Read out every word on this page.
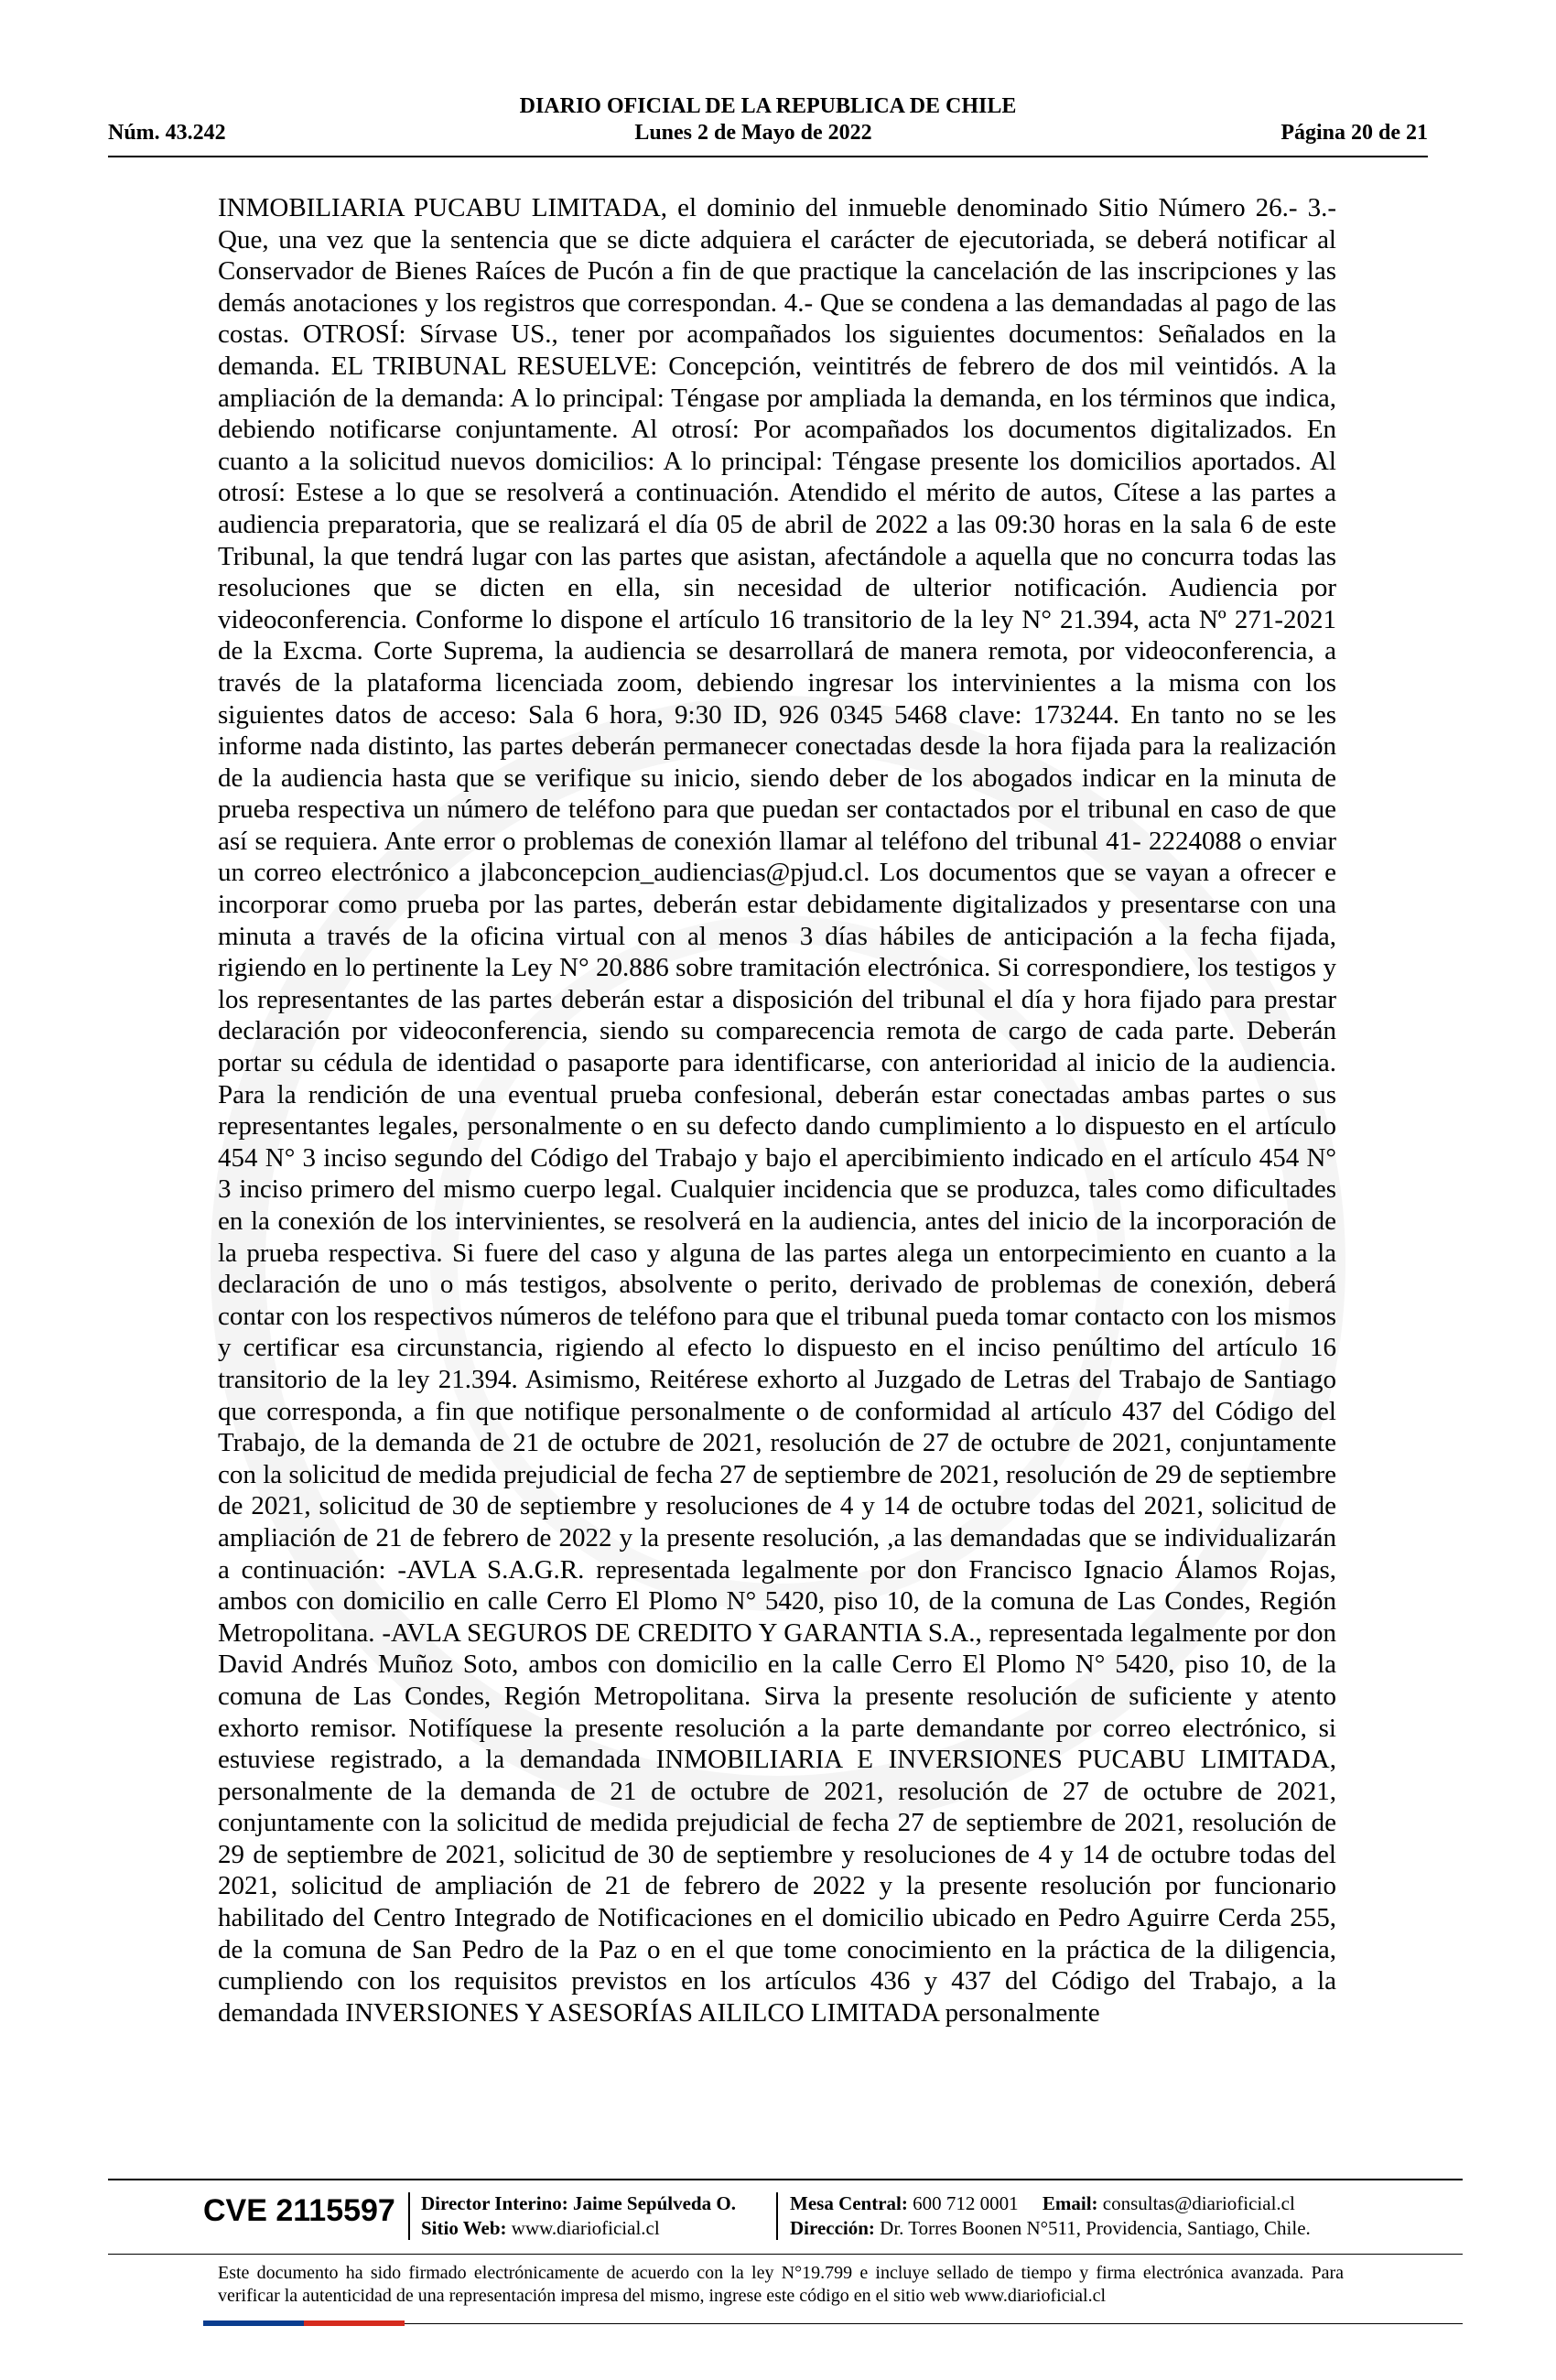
DIARIO OFICIAL DE LA REPUBLICA DE CHILE
Núm. 43.242	Lunes 2 de Mayo de 2022	Página 20 de 21
INMOBILIARIA PUCABU LIMITADA, el dominio del inmueble denominado Sitio Número 26.- 3.- Que, una vez que la sentencia que se dicte adquiera el carácter de ejecutoriada, se deberá notificar al Conservador de Bienes Raíces de Pucón a fin de que practique la cancelación de las inscripciones y las demás anotaciones y los registros que correspondan. 4.- Que se condena a las demandadas al pago de las costas. OTROSÍ: Sírvase US., tener por acompañados los siguientes documentos: Señalados en la demanda. EL TRIBUNAL RESUELVE: Concepción, veintitrés de febrero de dos mil veintidós. A la ampliación de la demanda: A lo principal: Téngase por ampliada la demanda, en los términos que indica, debiendo notificarse conjuntamente. Al otrosí: Por acompañados los documentos digitalizados. En cuanto a la solicitud nuevos domicilios: A lo principal: Téngase presente los domicilios aportados. Al otrosí: Estese a lo que se resolverá a continuación. Atendido el mérito de autos, Cítese a las partes a audiencia preparatoria, que se realizará el día 05 de abril de 2022 a las 09:30 horas en la sala 6 de este Tribunal, la que tendrá lugar con las partes que asistan, afectándole a aquella que no concurra todas las resoluciones que se dicten en ella, sin necesidad de ulterior notificación. Audiencia por videoconferencia. Conforme lo dispone el artículo 16 transitorio de la ley N° 21.394, acta Nº 271-2021 de la Excma. Corte Suprema, la audiencia se desarrollará de manera remota, por videoconferencia, a través de la plataforma licenciada zoom, debiendo ingresar los intervinientes a la misma con los siguientes datos de acceso: Sala 6 hora, 9:30 ID, 926 0345 5468 clave: 173244. En tanto no se les informe nada distinto, las partes deberán permanecer conectadas desde la hora fijada para la realización de la audiencia hasta que se verifique su inicio, siendo deber de los abogados indicar en la minuta de prueba respectiva un número de teléfono para que puedan ser contactados por el tribunal en caso de que así se requiera. Ante error o problemas de conexión llamar al teléfono del tribunal 41- 2224088 o enviar un correo electrónico a jlabconcepcion_audiencias@pjud.cl. Los documentos que se vayan a ofrecer e incorporar como prueba por las partes, deberán estar debidamente digitalizados y presentarse con una minuta a través de la oficina virtual con al menos 3 días hábiles de anticipación a la fecha fijada, rigiendo en lo pertinente la Ley N° 20.886 sobre tramitación electrónica. Si correspondiere, los testigos y los representantes de las partes deberán estar a disposición del tribunal el día y hora fijado para prestar declaración por videoconferencia, siendo su comparecencia remota de cargo de cada parte. Deberán portar su cédula de identidad o pasaporte para identificarse, con anterioridad al inicio de la audiencia. Para la rendición de una eventual prueba confesional, deberán estar conectadas ambas partes o sus representantes legales, personalmente o en su defecto dando cumplimiento a lo dispuesto en el artículo 454 N° 3 inciso segundo del Código del Trabajo y bajo el apercibimiento indicado en el artículo 454 N° 3 inciso primero del mismo cuerpo legal. Cualquier incidencia que se produzca, tales como dificultades en la conexión de los intervinientes, se resolverá en la audiencia, antes del inicio de la incorporación de la prueba respectiva. Si fuere del caso y alguna de las partes alega un entorpecimiento en cuanto a la declaración de uno o más testigos, absolvente o perito, derivado de problemas de conexión, deberá contar con los respectivos números de teléfono para que el tribunal pueda tomar contacto con los mismos y certificar esa circunstancia, rigiendo al efecto lo dispuesto en el inciso penúltimo del artículo 16 transitorio de la ley 21.394. Asimismo, Reitérese exhorto al Juzgado de Letras del Trabajo de Santiago que corresponda, a fin que notifique personalmente o de conformidad al artículo 437 del Código del Trabajo, de la demanda de 21 de octubre de 2021, resolución de 27 de octubre de 2021, conjuntamente con la solicitud de medida prejudicial de fecha 27 de septiembre de 2021, resolución de 29 de septiembre de 2021, solicitud de 30 de septiembre y resoluciones de 4 y 14 de octubre todas del 2021, solicitud de ampliación de 21 de febrero de 2022 y la presente resolución, ,a las demandadas que se individualizarán a continuación: -AVLA S.A.G.R. representada legalmente por don Francisco Ignacio Álamos Rojas, ambos con domicilio en calle Cerro El Plomo N° 5420, piso 10, de la comuna de Las Condes, Región Metropolitana. -AVLA SEGUROS DE CREDITO Y GARANTIA S.A., representada legalmente por don David Andrés Muñoz Soto, ambos con domicilio en la calle Cerro El Plomo N° 5420, piso 10, de la comuna de Las Condes, Región Metropolitana. Sirva la presente resolución de suficiente y atento exhorto remisor. Notifíquese la presente resolución a la parte demandante por correo electrónico, si estuviese registrado, a la demandada INMOBILIARIA E INVERSIONES PUCABU LIMITADA, personalmente de la demanda de 21 de octubre de 2021, resolución de 27 de octubre de 2021, conjuntamente con la solicitud de medida prejudicial de fecha 27 de septiembre de 2021, resolución de 29 de septiembre de 2021, solicitud de 30 de septiembre y resoluciones de 4 y 14 de octubre todas del 2021, solicitud de ampliación de 21 de febrero de 2022 y la presente resolución por funcionario habilitado del Centro Integrado de Notificaciones en el domicilio ubicado en Pedro Aguirre Cerda 255, de la comuna de San Pedro de la Paz o en el que tome conocimiento en la práctica de la diligencia, cumpliendo con los requisitos previstos en los artículos 436 y 437 del Código del Trabajo, a la demandada INVERSIONES Y ASESORÍAS AILILCO LIMITADA personalmente
CVE 2115597 Director Interino: Jaime Sepúlveda O.
Sitio Web: www.diarioficial.cl
Mesa Central: 600 712 0001 Email: consultas@diarioficial.cl
Dirección: Dr. Torres Boonen N°511, Providencia, Santiago, Chile.
Este documento ha sido firmado electrónicamente de acuerdo con la ley N°19.799 e incluye sellado de tiempo y firma electrónica avanzada. Para verificar la autenticidad de una representación impresa del mismo, ingrese este código en el sitio web www.diarioficial.cl
